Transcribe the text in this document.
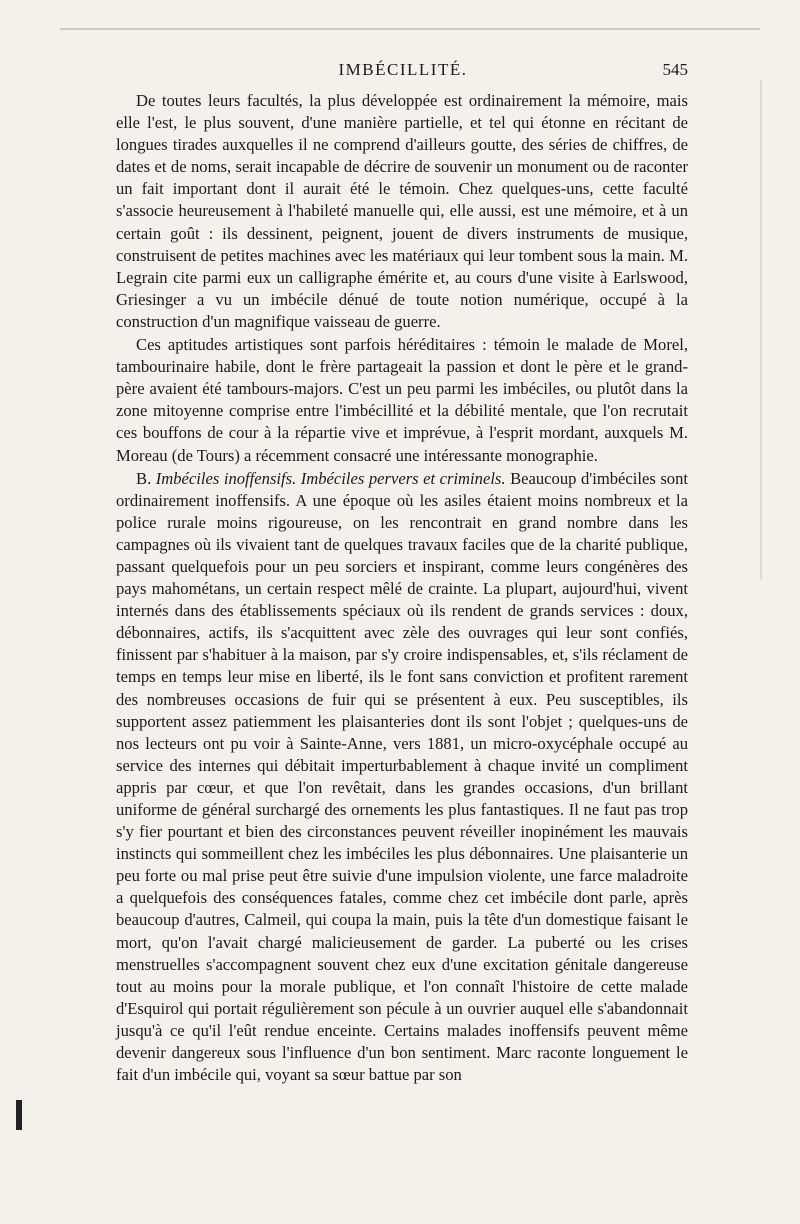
IMBÉCILLITÉ.	545

De toutes leurs facultés, la plus développée est ordinairement la mémoire, mais elle l'est, le plus souvent, d'une manière partielle, et tel qui étonne en récitant de longues tirades auxquelles il ne comprend d'ailleurs goutte, des séries de chiffres, de dates et de noms, serait incapable de décrire de souvenir un monument ou de raconter un fait important dont il aurait été le témoin. Chez quelques-uns, cette faculté s'associe heureusement à l'habileté manuelle qui, elle aussi, est une mémoire, et à un certain goût : ils dessinent, peignent, jouent de divers instruments de musique, construisent de petites machines avec les matériaux qui leur tombent sous la main. M. Legrain cite parmi eux un calligraphe émérite et, au cours d'une visite à Earlswood, Griesinger a vu un imbécile dénué de toute notion numérique, occupé à la construction d'un magnifique vaisseau de guerre.

Ces aptitudes artistiques sont parfois héréditaires : témoin le malade de Morel, tambourinaire habile, dont le frère partageait la passion et dont le père et le grand-père avaient été tambours-majors. C'est un peu parmi les imbéciles, ou plutôt dans la zone mitoyenne comprise entre l'imbécillité et la débilité mentale, que l'on recrutait ces bouffons de cour à la répartie vive et imprévue, à l'esprit mordant, auxquels M. Moreau (de Tours) a récemment consacré une intéressante monographie.

B. Imbéciles inoffensifs. Imbéciles pervers et criminels. Beaucoup d'imbéciles sont ordinairement inoffensifs. A une époque où les asiles étaient moins nombreux et la police rurale moins rigoureuse, on les rencontrait en grand nombre dans les campagnes où ils vivaient tant de quelques travaux faciles que de la charité publique, passant quelquefois pour un peu sorciers et inspirant, comme leurs congénères des pays mahométans, un certain respect mêlé de crainte. La plupart, aujourd'hui, vivent internés dans des établissements spéciaux où ils rendent de grands services : doux, débonnaires, actifs, ils s'acquittent avec zèle des ouvrages qui leur sont confiés, finissent par s'habituer à la maison, par s'y croire indispensables, et, s'ils réclament de temps en temps leur mise en liberté, ils le font sans conviction et profitent rarement des nombreuses occasions de fuir qui se présentent à eux. Peu susceptibles, ils supportent assez patiemment les plaisanteries dont ils sont l'objet ; quelques-uns de nos lecteurs ont pu voir à Sainte-Anne, vers 1881, un micro-oxycéphale occupé au service des internes qui débitait imperturbablement à chaque invité un compliment appris par cœur, et que l'on revêtait, dans les grandes occasions, d'un brillant uniforme de général surchargé des ornements les plus fantastiques. Il ne faut pas trop s'y fier pourtant et bien des circonstances peuvent réveiller inopinément les mauvais instincts qui sommeillent chez les imbéciles les plus débonnaires. Une plaisanterie un peu forte ou mal prise peut être suivie d'une impulsion violente, une farce maladroite a quelquefois des conséquences fatales, comme chez cet imbécile dont parle, après beaucoup d'autres, Calmeil, qui coupa la main, puis la tête d'un domestique faisant le mort, qu'on l'avait chargé malicieusement de garder. La puberté ou les crises menstruelles s'accompagnent souvent chez eux d'une excitation génitale dangereuse tout au moins pour la morale publique, et l'on connaît l'histoire de cette malade d'Esquirol qui portait régulièrement son pécule à un ouvrier auquel elle s'abandonnait jusqu'à ce qu'il l'eût rendue enceinte. Certains malades inoffensifs peuvent même devenir dangereux sous l'influence d'un bon sentiment. Marc raconte longuement le fait d'un imbécile qui, voyant sa sœur battue par son
